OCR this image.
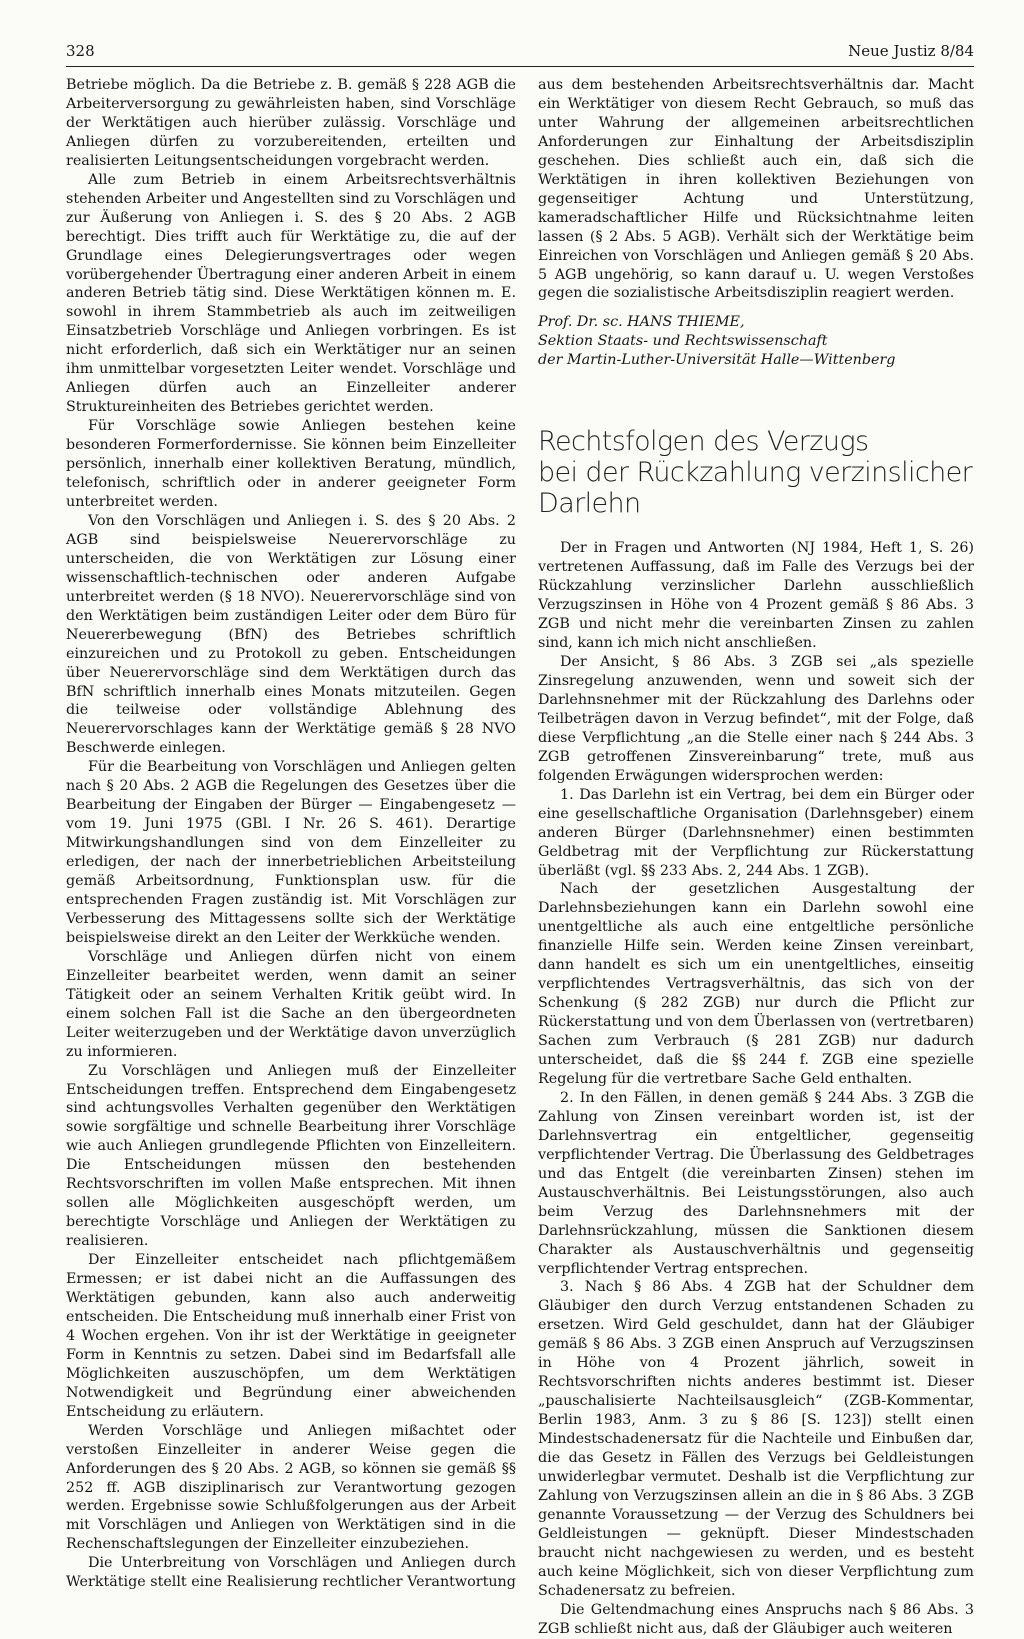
328	Neue Justiz 8/84

Betriebe möglich. Da die Betriebe z. B. gemäß § 228 AGB die Arbeiterversorgung zu gewährleisten haben, sind Vorschläge der Werktätigen auch hierüber zulässig. Vorschläge und Anliegen dürfen zu vorzubereitenden, erteilten und realisierten Leitungsentscheidungen vorgebracht werden.

Alle zum Betrieb in einem Arbeitsrechtsverhältnis stehenden Arbeiter und Angestellten sind zu Vorschlägen und zur Äußerung von Anliegen i. S. des § 20 Abs. 2 AGB berechtigt. Dies trifft auch für Werktätige zu, die auf der Grundlage eines Delegierungsvertrages oder wegen vorübergehender Übertragung einer anderen Arbeit in einem anderen Betrieb tätig sind. Diese Werktätigen können m. E. sowohl in ihrem Stammbetrieb als auch im zeitweiligen Einsatzbetrieb Vorschläge und Anliegen vorbringen. Es ist nicht erforderlich, daß sich ein Werktätiger nur an seinen ihm unmittelbar vorgesetzten Leiter wendet. Vorschläge und Anliegen dürfen auch an Einzelleiter anderer Struktureinheiten des Betriebes gerichtet werden.

Für Vorschläge sowie Anliegen bestehen keine besonderen Formerfordernisse. Sie können beim Einzelleiter persönlich, innerhalb einer kollektiven Beratung, mündlich, telefonisch, schriftlich oder in anderer geeigneter Form unterbreitet werden.

Von den Vorschlägen und Anliegen i. S. des § 20 Abs. 2 AGB sind beispielsweise Neuerervorschläge zu unterscheiden, die von Werktätigen zur Lösung einer wissenschaftlich-technischen oder anderen Aufgabe unterbreitet werden (§ 18 NVO). Neuerervorschläge sind von den Werktätigen beim zuständigen Leiter oder dem Büro für Neuererbewegung (BfN) des Betriebes schriftlich einzureichen und zu Protokoll zu geben. Entscheidungen über Neuerervorschläge sind dem Werktätigen durch das BfN schriftlich innerhalb eines Monats mitzuteilen. Gegen die teilweise oder vollständige Ablehnung des Neuerervorschlages kann der Werktätige gemäß § 28 NVO Beschwerde einlegen.

Für die Bearbeitung von Vorschlägen und Anliegen gelten nach § 20 Abs. 2 AGB die Regelungen des Gesetzes über die Bearbeitung der Eingaben der Bürger — Eingabengesetz — vom 19. Juni 1975 (GBl. I Nr. 26 S. 461). Derartige Mitwirkungshandlungen sind von dem Einzelleiter zu erledigen, der nach der innerbetrieblichen Arbeitsteilung gemäß Arbeitsordnung, Funktionsplan usw. für die entsprechenden Fragen zuständig ist. Mit Vorschlägen zur Verbesserung des Mittagessens sollte sich der Werktätige beispielsweise direkt an den Leiter der Werkküche wenden.

Vorschläge und Anliegen dürfen nicht von einem Einzelleiter bearbeitet werden, wenn damit an seiner Tätigkeit oder an seinem Verhalten Kritik geübt wird. In einem solchen Fall ist die Sache an den übergeordneten Leiter weiterzugeben und der Werktätige davon unverzüglich zu informieren.

Zu Vorschlägen und Anliegen muß der Einzelleiter Entscheidungen treffen. Entsprechend dem Eingabengesetz sind achtungsvolles Verhalten gegenüber den Werktätigen sowie sorgfältige und schnelle Bearbeitung ihrer Vorschläge wie auch Anliegen grundlegende Pflichten von Einzelleitern. Die Entscheidungen müssen den bestehenden Rechtsvorschriften im vollen Maße entsprechen. Mit ihnen sollen alle Möglichkeiten ausgeschöpft werden, um berechtigte Vorschläge und Anliegen der Werktätigen zu realisieren.

Der Einzelleiter entscheidet nach pflichtgemäßem Ermessen; er ist dabei nicht an die Auffassungen des Werktätigen gebunden, kann also auch anderweitig entscheiden. Die Entscheidung muß innerhalb einer Frist von 4 Wochen ergehen. Von ihr ist der Werktätige in geeigneter Form in Kenntnis zu setzen. Dabei sind im Bedarfsfall alle Möglichkeiten auszuschöpfen, um dem Werktätigen Notwendigkeit und Begründung einer abweichenden Entscheidung zu erläutern.

Werden Vorschläge und Anliegen mißachtet oder verstoßen Einzelleiter in anderer Weise gegen die Anforderungen des § 20 Abs. 2 AGB, so können sie gemäß §§ 252 ff. AGB disziplinarisch zur Verantwortung gezogen werden. Ergebnisse sowie Schlußfolgerungen aus der Arbeit mit Vorschlägen und Anliegen von Werktätigen sind in die Rechenschaftslegungen der Einzelleiter einzubeziehen.

Die Unterbreitung von Vorschlägen und Anliegen durch Werktätige stellt eine Realisierung rechtlicher Verantwortung

aus dem bestehenden Arbeitsrechtsverhältnis dar. Macht ein Werktätiger von diesem Recht Gebrauch, so muß das unter Wahrung der allgemeinen arbeitsrechtlichen Anforderungen zur Einhaltung der Arbeitsdisziplin geschehen. Dies schließt auch ein, daß sich die Werktätigen in ihren kollektiven Beziehungen von gegenseitiger Achtung und Unterstützung, kameradschaftlicher Hilfe und Rücksichtnahme leiten lassen (§ 2 Abs. 5 AGB). Verhält sich der Werktätige beim Einreichen von Vorschlägen und Anliegen gemäß § 20 Abs. 5 AGB ungehörig, so kann darauf u. U. wegen Verstoßes gegen die sozialistische Arbeitsdisziplin reagiert werden.

Prof. Dr. sc. HANS THIEME,
Sektion Staats- und Rechtswissenschaft
der Martin-Luther-Universität Halle—Wittenberg
Rechtsfolgen des Verzugs
bei der Rückzahlung verzinslicher Darlehn

Der in Fragen und Antworten (NJ 1984, Heft 1, S. 26) vertretenen Auffassung, daß im Falle des Verzugs bei der Rückzahlung verzinslicher Darlehn ausschließlich Verzugszinsen in Höhe von 4 Prozent gemäß § 86 Abs. 3 ZGB und nicht mehr die vereinbarten Zinsen zu zahlen sind, kann ich mich nicht anschließen.

Der Ansicht, § 86 Abs. 3 ZGB sei „als spezielle Zinsregelung anzuwenden, wenn und soweit sich der Darlehnsnehmer mit der Rückzahlung des Darlehns oder Teilbeträgen davon in Verzug befindet“, mit der Folge, daß diese Verpflichtung „an die Stelle einer nach § 244 Abs. 3 ZGB getroffenen Zinsvereinbarung“ trete, muß aus folgenden Erwägungen widersprochen werden:

1. Das Darlehn ist ein Vertrag, bei dem ein Bürger oder eine gesellschaftliche Organisation (Darlehnsgeber) einem anderen Bürger (Darlehnsnehmer) einen bestimmten Geldbetrag mit der Verpflichtung zur Rückerstattung überläßt (vgl. §§ 233 Abs. 2, 244 Abs. 1 ZGB).

Nach der gesetzlichen Ausgestaltung der Darlehnsbeziehungen kann ein Darlehn sowohl eine unentgeltliche als auch eine entgeltliche persönliche finanzielle Hilfe sein. Werden keine Zinsen vereinbart, dann handelt es sich um ein unentgeltliches, einseitig verpflichtendes Vertragsverhältnis, das sich von der Schenkung (§ 282 ZGB) nur durch die Pflicht zur Rückerstattung und von dem Überlassen von (vertretbaren) Sachen zum Verbrauch (§ 281 ZGB) nur dadurch unterscheidet, daß die §§ 244 f. ZGB eine spezielle Regelung für die vertretbare Sache Geld enthalten.

2. In den Fällen, in denen gemäß § 244 Abs. 3 ZGB die Zahlung von Zinsen vereinbart worden ist, ist der Darlehnsvertrag ein entgeltlicher, gegenseitig verpflichtender Vertrag. Die Überlassung des Geldbetrages und das Entgelt (die vereinbarten Zinsen) stehen im Austauschverhältnis. Bei Leistungsstörungen, also auch beim Verzug des Darlehnsnehmers mit der Darlehnsrückzahlung, müssen die Sanktionen diesem Charakter als Austauschverhältnis und gegenseitig verpflichtender Vertrag entsprechen.

3. Nach § 86 Abs. 4 ZGB hat der Schuldner dem Gläubiger den durch Verzug entstandenen Schaden zu ersetzen. Wird Geld geschuldet, dann hat der Gläubiger gemäß § 86 Abs. 3 ZGB einen Anspruch auf Verzugszinsen in Höhe von 4 Prozent jährlich, soweit in Rechtsvorschriften nichts anderes bestimmt ist. Dieser „pauschalisierte Nachteilsausgleich“ (ZGB-Kommentar, Berlin 1983, Anm. 3 zu § 86 [S. 123]) stellt einen Mindestschadenersatz für die Nachteile und Einbußen dar, die das Gesetz in Fällen des Verzugs bei Geldleistungen unwiderlegbar vermutet. Deshalb ist die Verpflichtung zur Zahlung von Verzugszinsen allein an die in § 86 Abs. 3 ZGB genannte Voraussetzung — der Verzug des Schuldners bei Geldleistungen — geknüpft. Dieser Mindestschaden braucht nicht nachgewiesen zu werden, und es besteht auch keine Möglichkeit, sich von dieser Verpflichtung zum Schadenersatz zu befreien.

Die Geltendmachung eines Anspruchs nach § 86 Abs. 3 ZGB schließt nicht aus, daß der Gläubiger auch weiteren
